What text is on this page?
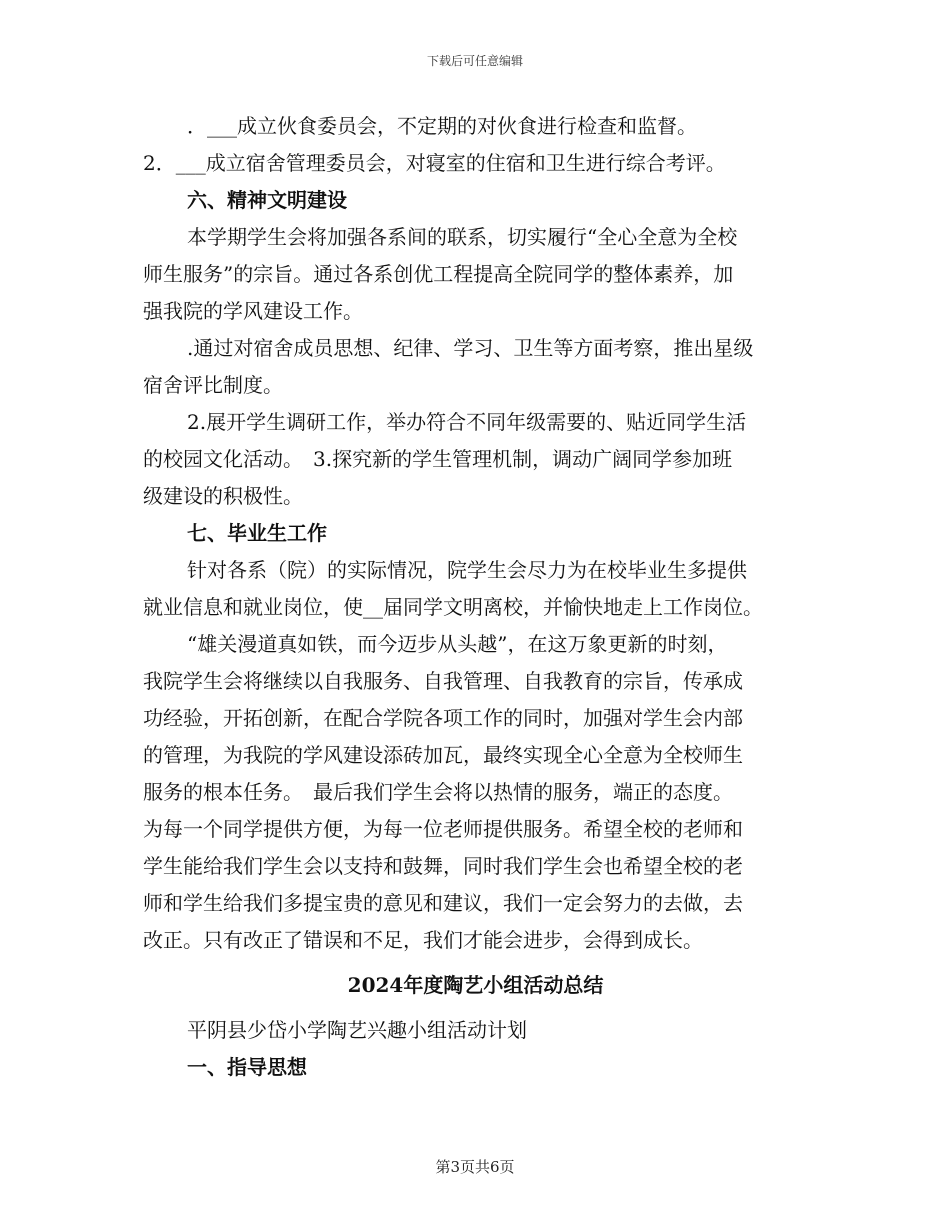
下载后可任意编辑
．___成立伙食委员会，不定期的对伙食进行检查和监督。
2．___成立宿舍管理委员会，对寝室的住宿和卫生进行综合考评。
六、精神文明建设
本学期学生会将加强各系间的联系，切实履行“全心全意为全校
师生服务”的宗旨。通过各系创优工程提高全院同学的整体素养，加
强我院的学风建设工作。
.通过对宿舍成员思想、纪律、学习、卫生等方面考察，推出星级
宿舍评比制度。
2.展开学生调研工作，举办符合不同年级需要的、贴近同学生活
的校园文化活动。　3.探究新的学生管理机制，调动广阔同学参加班
级建设的积极性。
七、毕业生工作
针对各系（院）的实际情况，院学生会尽力为在校毕业生多提供
就业信息和就业岗位，使__届同学文明离校，并愉快地走上工作岗位。
“雄关漫道真如铁，而今迈步从头越”，在这万象更新的时刻，
我院学生会将继续以自我服务、自我管理、自我教育的宗旨，传承成
功经验，开拓创新，在配合学院各项工作的同时，加强对学生会内部
的管理，为我院的学风建设添砖加瓦，最终实现全心全意为全校师生
服务的根本任务。　最后我们学生会将以热情的服务，端正的态度。
为每一个同学提供方便，为每一位老师提供服务。希望全校的老师和
学生能给我们学生会以支持和鼓舞，同时我们学生会也希望全校的老
师和学生给我们多提宝贵的意见和建议，我们一定会努力的去做，去
改正。只有改正了错误和不足，我们才能会进步，会得到成长。
2024年度陶艺小组活动总结
平阴县少岱小学陶艺兴趣小组活动计划
一、指导思想
第3页共6页
